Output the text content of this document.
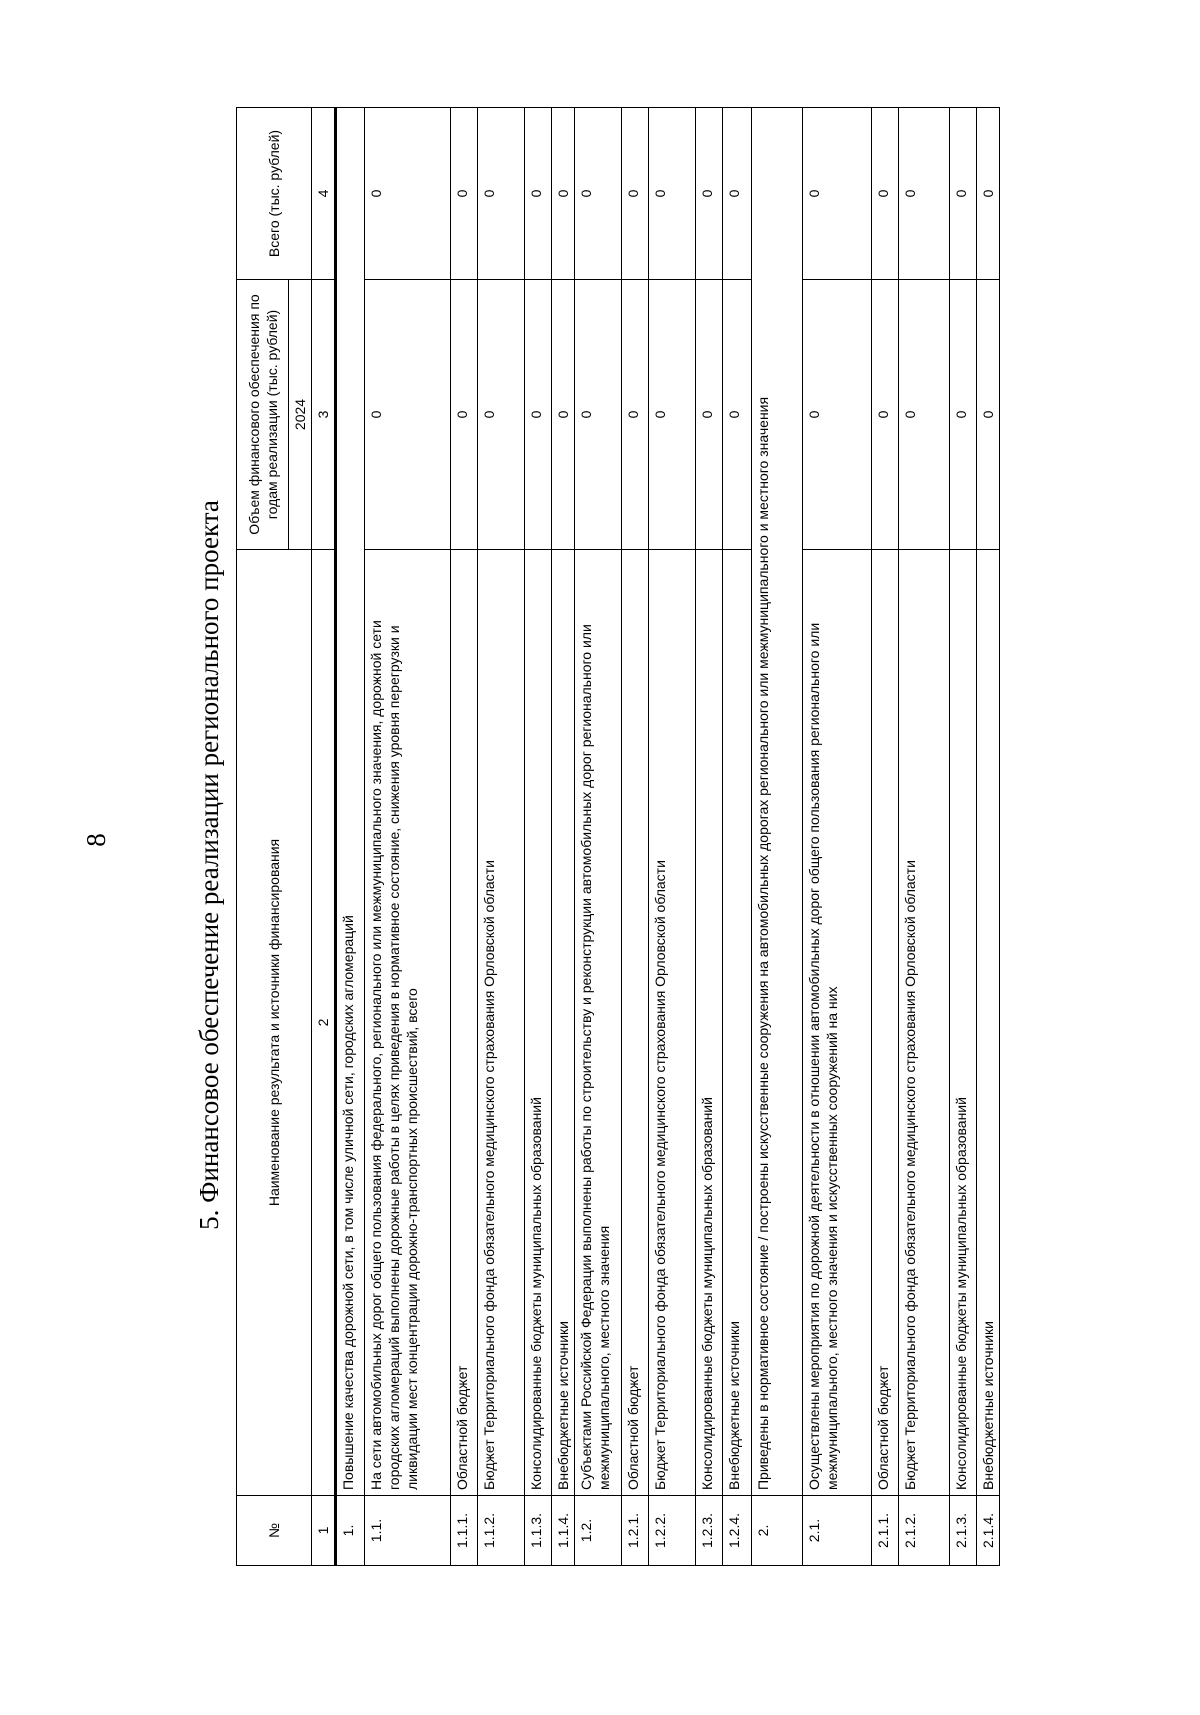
8	5. Финансовое обеспечение реализации регионального проекта
№	Наименование результата и источники финансирования	Объем финансового обеспечения по годам реализации (тыс. рублей)	Всего (тыс. рублей)
		2024	
1	2	3	4
1.	Повышение качества дорожной сети, в том числе уличной сети, городских агломераций		
1.1.	На сети автомобильных дорог общего пользования федерального, регионального или межмуниципального значения, дорожной сети городских агломераций выполнены дорожные работы в целях приведения в нормативное состояние, снижения уровня перегрузки и ликвидации мест концентрации дорожно-транспортных происшествий, всего	0	0
1.1.1.	Областной бюджет	0	0
1.1.2.	Бюджет Территориального фонда обязательного медицинского страхования Орловской области	0	0
1.1.3.	Консолидированные бюджеты муниципальных образований	0	0
1.1.4.	Внебюджетные источники	0	0
1.2.	Субъектами Российской Федерации выполнены работы по строительству и реконструкции автомобильных дорог регионального или межмуниципального, местного значения	0	0
1.2.1.	Областной бюджет	0	0
1.2.2.	Бюджет Территориального фонда обязательного медицинского страхования Орловской области	0	0
1.2.3.	Консолидированные бюджеты муниципальных образований	0	0
1.2.4.	Внебюджетные источники	0	0
2.	Приведены в нормативное состояние / построены искусственные сооружения на автомобильных дорогах регионального или межмуниципального и местного значения		
2.1.	Осуществлены мероприятия по дорожной деятельности в отношении автомобильных дорог общего пользования регионального или межмуниципального, местного значения и искусственных сооружений на них	0	0
2.1.1.	Областной бюджет	0	0
2.1.2.	Бюджет Территориального фонда обязательного медицинского страхования Орловской области	0	0
2.1.3.	Консолидированные бюджеты муниципальных образований	0	0
2.1.4.	Внебюджетные источники	0	0
